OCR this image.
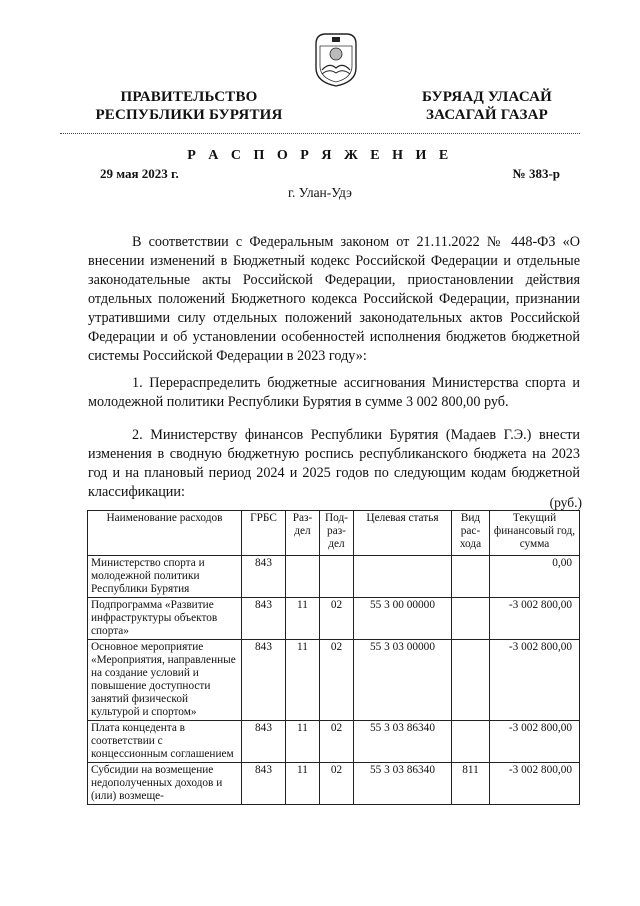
ПРАВИТЕЛЬСТВО
РЕСПУБЛИКИ БУРЯТИЯ
БУРЯАД УЛАСАЙ
ЗАСАГАЙ ГАЗАР
Р А С П О Р Я Ж Е Н И Е
29 мая 2023 г.	№ 383-р
г. Улан-Удэ
В соответствии с Федеральным законом от 21.11.2022 № 448-ФЗ «О внесении изменений в Бюджетный кодекс Российской Федерации и отдельные законодательные акты Российской Федерации, приостановлении действия отдельных положений Бюджетного кодекса Российской Федерации, признании утратившими силу отдельных положений законодательных актов Российской Федерации и об установлении особенностей исполнения бюджетов бюджетной системы Российской Федерации в 2023 году»:
1. Перераспределить бюджетные ассигнования Министерства спорта и молодежной политики Республики Бурятия в сумме 3 002 800,00 руб.
2. Министерству финансов Республики Бурятия (Мадаев Г.Э.) внести изменения в сводную бюджетную роспись республиканского бюджета на 2023 год и на плановый период 2024 и 2025 годов по следующим кодам бюджетной классификации:
(руб.)
Наименование расходов	ГРБС	Раз-дел	Под-раз-дел	Целевая статья	Вид рас-хода	Текущий финансовый год, сумма
Министерство спорта и молодежной политики Республики Бурятия	843					0,00
Подпрограмма «Развитие инфраструктуры объектов спорта»	843	11	02	55 3 00 00000		-3 002 800,00
Основное мероприятие «Мероприятия, направленные на создание условий и повышение доступности занятий физической культурой и спортом»	843	11	02	55 3 03 00000		-3 002 800,00
Плата концедента в соответствии с концессионным соглашением	843	11	02	55 3 03 86340		-3 002 800,00
Субсидии на возмещение недополученных доходов и (или) возмеще-	843	11	02	55 3 03 86340	811	-3 002 800,00
